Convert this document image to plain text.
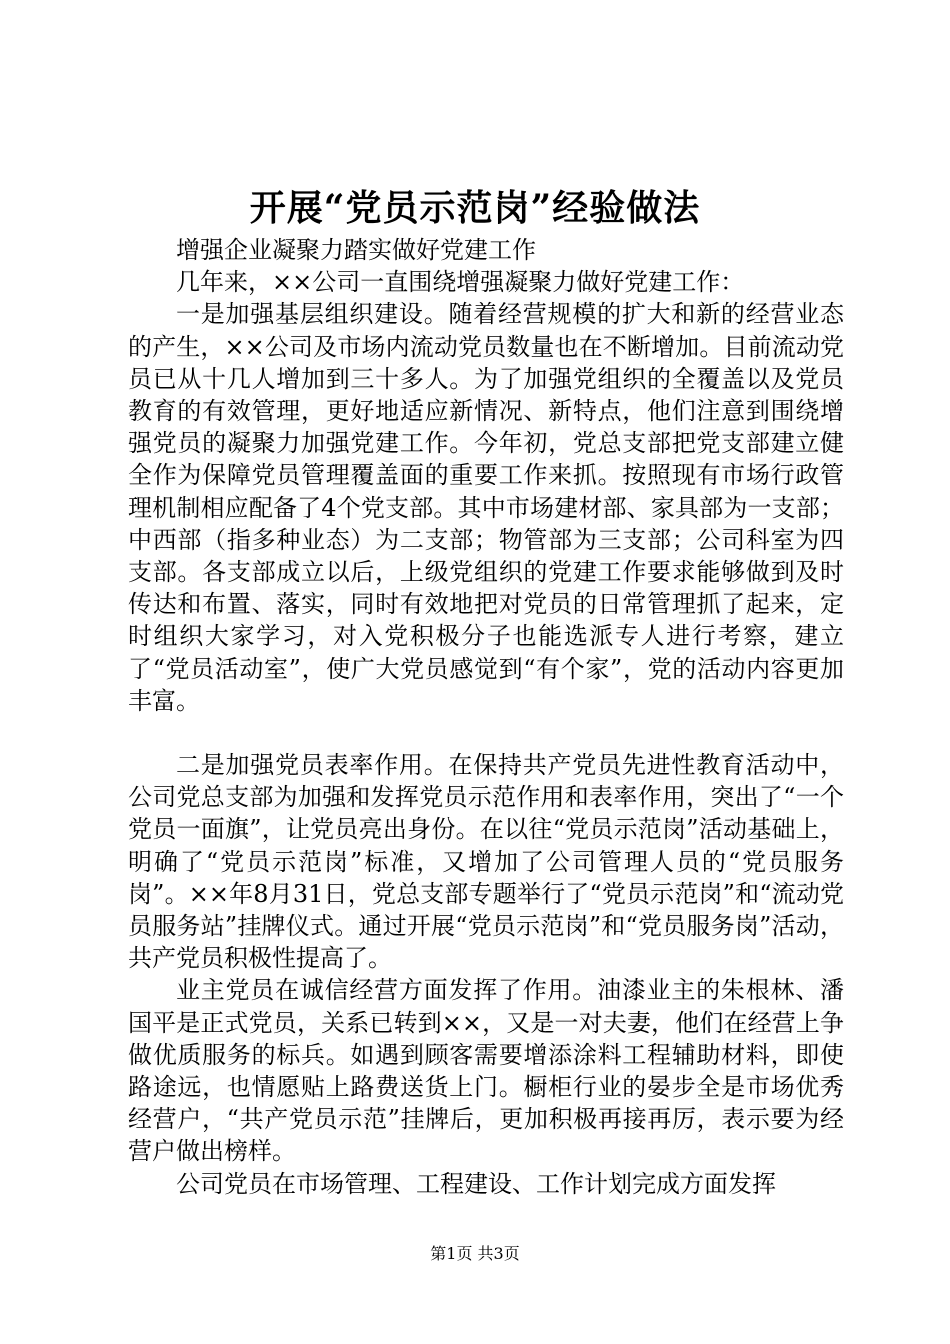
开展“党员示范岗”经验做法

增强企业凝聚力踏实做好党建工作

几年来，××公司一直围绕增强凝聚力做好党建工作：

一是加强基层组织建设。随着经营规模的扩大和新的经营业态的产生，××公司及市场内流动党员数量也在不断增加。目前流动党员已从十几人增加到三十多人。为了加强党组织的全覆盖以及党员教育的有效管理，更好地适应新情况、新特点，他们注意到围绕增强党员的凝聚力加强党建工作。今年初，党总支部把党支部建立健全作为保障党员管理覆盖面的重要工作来抓。按照现有市场行政管理机制相应配备了4个党支部。其中市场建材部、家具部为一支部；中西部（指多种业态）为二支部；物管部为三支部；公司科室为四支部。各支部成立以后，上级党组织的党建工作要求能够做到及时传达和布置、落实，同时有效地把对党员的日常管理抓了起来，定时组织大家学习，对入党积极分子也能选派专人进行考察，建立了“党员活动室”，使广大党员感觉到“有个家”，党的活动内容更加丰富。

二是加强党员表率作用。在保持共产党员先进性教育活动中，公司党总支部为加强和发挥党员示范作用和表率作用，突出了“一个党员一面旗”，让党员亮出身份。在以往“党员示范岗”活动基础上，明确了“党员示范岗”标准，又增加了公司管理人员的“党员服务岗”。××年8月31日，党总支部专题举行了“党员示范岗”和“流动党员服务站”挂牌仪式。通过开展“党员示范岗”和“党员服务岗”活动，共产党员积极性提高了。

业主党员在诚信经营方面发挥了作用。油漆业主的朱根林、潘国平是正式党员，关系已转到××，又是一对夫妻，他们在经营上争做优质服务的标兵。如遇到顾客需要增添涂料工程辅助材料，即使路途远，也情愿贴上路费送货上门。橱柜行业的晏步全是市场优秀经营户，“共产党员示范”挂牌后，更加积极再接再厉，表示要为经营户做出榜样。

公司党员在市场管理、工程建设、工作计划完成方面发挥

第1页 共3页
